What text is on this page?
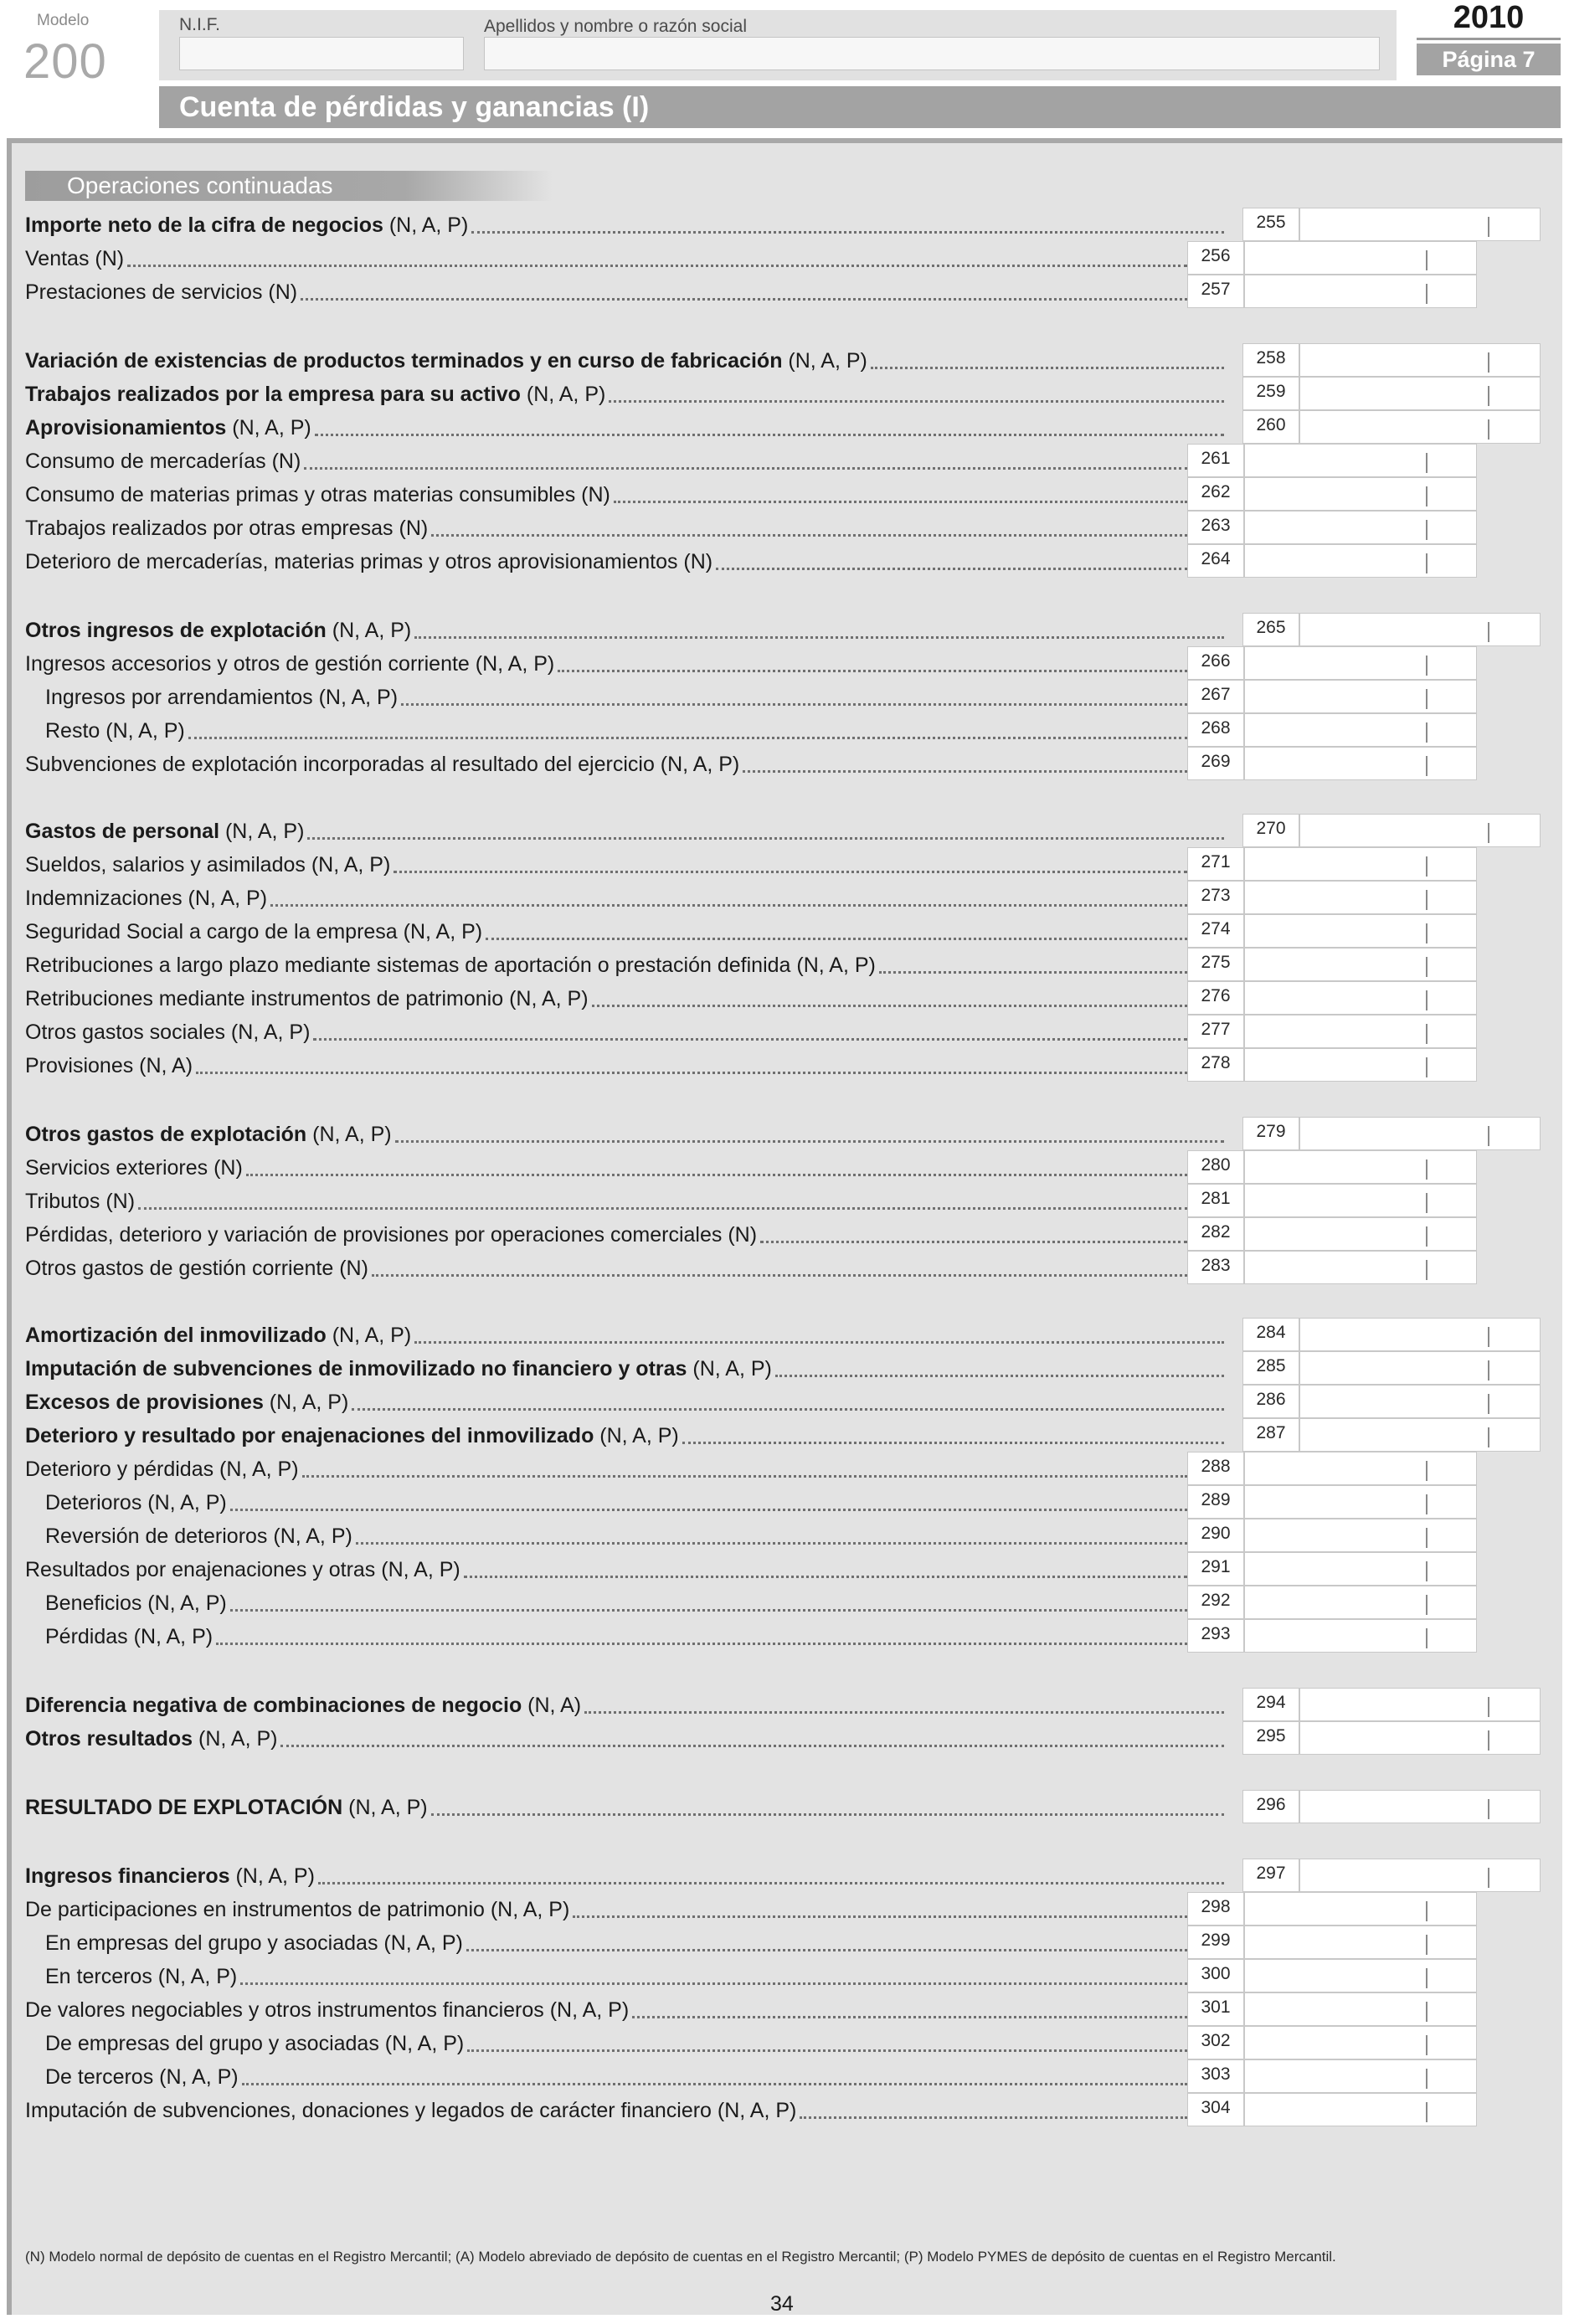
Modelo
200
N.I.F.	Apellidos y nombre o razón social	2010
Página 7
Cuenta de pérdidas y ganancias (I)
Operaciones continuadas
Importe neto de la cifra de negocios (N, A, P)	255
Ventas (N)	256
Prestaciones de servicios (N)	257
Variación de existencias de productos terminados y en curso de fabricación (N, A, P)	258
Trabajos realizados por la empresa para su activo (N, A, P)	259
Aprovisionamientos (N, A, P)	260
Consumo de mercaderías (N)	261
Consumo de materias primas y otras materias consumibles (N)	262
Trabajos realizados por otras empresas (N)	263
Deterioro de mercaderías, materias primas y otros aprovisionamientos (N)	264
Otros ingresos de explotación (N, A, P)	265
Ingresos accesorios y otros de gestión corriente (N, A, P)	266
Ingresos por arrendamientos (N, A, P)	267
Resto (N, A, P)	268
Subvenciones de explotación incorporadas al resultado del ejercicio (N, A, P)	269
Gastos de personal (N, A, P)	270
Sueldos, salarios y asimilados (N, A, P)	271
Indemnizaciones (N, A, P)	273
Seguridad Social a cargo de la empresa (N, A, P)	274
Retribuciones a largo plazo mediante sistemas de aportación o prestación definida (N, A, P)	275
Retribuciones mediante instrumentos de patrimonio (N, A, P)	276
Otros gastos sociales (N, A, P)	277
Provisiones (N, A)	278
Otros gastos de explotación (N, A, P)	279
Servicios exteriores (N)	280
Tributos (N)	281
Pérdidas, deterioro y variación de provisiones por operaciones comerciales (N)	282
Otros gastos de gestión corriente (N)	283
Amortización del inmovilizado (N, A, P)	284
Imputación de subvenciones de inmovilizado no financiero y otras (N, A, P)	285
Excesos de provisiones (N, A, P)	286
Deterioro y resultado por enajenaciones del inmovilizado (N, A, P)	287
Deterioro y pérdidas (N, A, P)	288
Deterioros (N, A, P)	289
Reversión de deterioros (N, A, P)	290
Resultados por enajenaciones y otras (N, A, P)	291
Beneficios (N, A, P)	292
Pérdidas (N, A, P)	293
Diferencia negativa de combinaciones de negocio (N, A)	294
Otros resultados (N, A, P)	295
RESULTADO DE EXPLOTACIÓN (N, A, P)	296
Ingresos financieros (N, A, P)	297
De participaciones en instrumentos de patrimonio (N, A, P)	298
En empresas del grupo y asociadas (N, A, P)	299
En terceros (N, A, P)	300
De valores negociables y otros instrumentos financieros (N, A, P)	301
De empresas del grupo y asociadas (N, A, P)	302
De terceros (N, A, P)	303
Imputación de subvenciones, donaciones y legados de carácter financiero (N, A, P)	304
(N) Modelo normal de depósito de cuentas en el Registro Mercantil; (A) Modelo abreviado de depósito de cuentas en el Registro Mercantil; (P) Modelo PYMES de depósito de cuentas en el Registro Mercantil.
34
